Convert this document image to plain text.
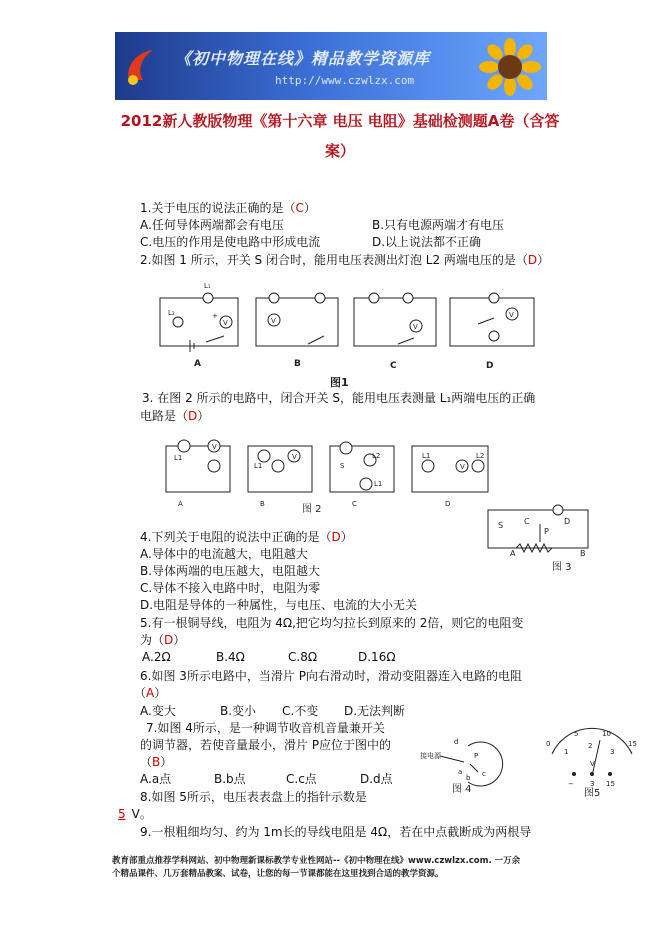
《初中物理在线》精品教学资源库
http://www.czwlzx.com
2012新人教版物理《第十六章 电压 电阻》基础检测题A卷（含答案）
1.关于电压的说法正确的是（C）
A.任何导体两端都会有电压	B.只有电源两端才有电压
C.电压的作用是使电路中形成电流	D.以上说法都不正确
2.如图 1 所示，开关 S 闭合时，能用电压表测出灯泡 L2 两端电压的是（D）
L₁
L₂
V
+
V
V
V
A	B	C	D
图1
3. 在图 2 所示的电路中，闭合开关 S，能用电压表测量 L₁两端电压的正确
电路是（D）
L1
V
L1
V	L2
L1
S
L1	L2
V
A	B	C	D
图 2
S	C	D
P
A	B
图 3
4.下列关于电阻的说法中正确的是（D）
A.导体中的电流越大，电阻越大
B.导体两端的电压越大，电阻越大
C.导体不接入电路中时，电阻为零
D.电阻是导体的一种属性，与电压、电流的大小无关
5.有一根铜导线，电阻为 4Ω,把它均匀拉长到原来的 2倍，则它的电阻变
为（D）
A.2Ω	B.4Ω	C.8Ω	D.16Ω
6.如图 3所示电路中，当滑片 P向右滑动时，滑动变阻器连入电路的电阻
（A）
A.变大	B.变小 C.不变 D.无法判断
7.如图 4所示，是一种调节收音机音量兼开关
的调节器，若使音量最小，滑片 P应位于图中的
（B）
A.a点	B.b点	C.c点	D.d点
接电源
d
a
b c
P
图 4
0
5	10
15
1
2
3
V
− 3 15
图5
8.如图 5所示，电压表表盘上的指针示数是
5 V。
9.一根粗细均匀、约为 1m长的导线电阻是 4Ω，若在中点截断成为两根导
教育部重点推荐学科网站、初中物理新课标教学专业性网站--《初中物理在线》www.czwlzx.com. 一万余
个精品课件、几万套精品教案、试卷，让您的每一节课都能在这里找到合适的教学资源。
